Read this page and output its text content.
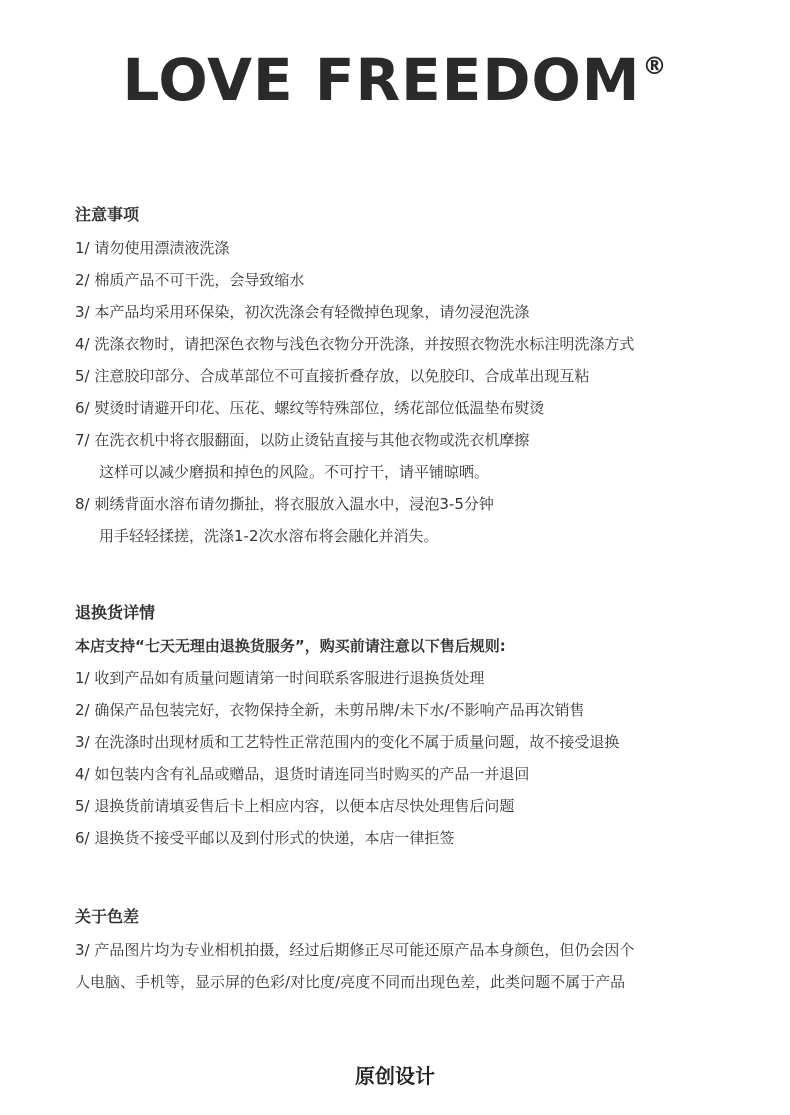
LOVE FREEDOM®
注意事项
1/ 请勿使用漂渍液洗涤
2/ 棉质产品不可干洗，会导致缩水
3/ 本产品均采用环保染，初次洗涤会有轻微掉色现象，请勿浸泡洗涤
4/ 洗涤衣物时，请把深色衣物与浅色衣物分开洗涤，并按照衣物洗水标注明洗涤方式
5/ 注意胶印部分、合成革部位不可直接折叠存放，以免胶印、合成革出现互粘
6/ 熨烫时请避开印花、压花、螺纹等特殊部位，绣花部位低温垫布熨烫
7/ 在洗衣机中将衣服翻面，以防止烫钻直接与其他衣物或洗衣机摩擦
这样可以减少磨损和掉色的风险。不可拧干，请平铺晾晒。
8/ 刺绣背面水溶布请勿撕扯，将衣服放入温水中，浸泡3-5分钟
用手轻轻揉搓，洗涤1-2次水溶布将会融化并消失。
退换货详情
本店支持“七天无理由退换货服务”，购买前请注意以下售后规则:
1/ 收到产品如有质量问题请第一时间联系客服进行退换货处理
2/ 确保产品包装完好，衣物保持全新，未剪吊牌/未下水/不影响产品再次销售
3/ 在洗涤时出现材质和工艺特性正常范围内的变化不属于质量问题，故不接受退换
4/ 如包装内含有礼品或赠品，退货时请连同当时购买的产品一并退回
5/ 退换货前请填妥售后卡上相应内容，以便本店尽快处理售后问题
6/ 退换货不接受平邮以及到付形式的快递，本店一律拒签
关于色差
3/ 产品图片均为专业相机拍摄，经过后期修正尽可能还原产品本身颜色，但仍会因个
人电脑、手机等，显示屏的色彩/对比度/亮度不同而出现色差，此类问题不属于产品
原创设计
